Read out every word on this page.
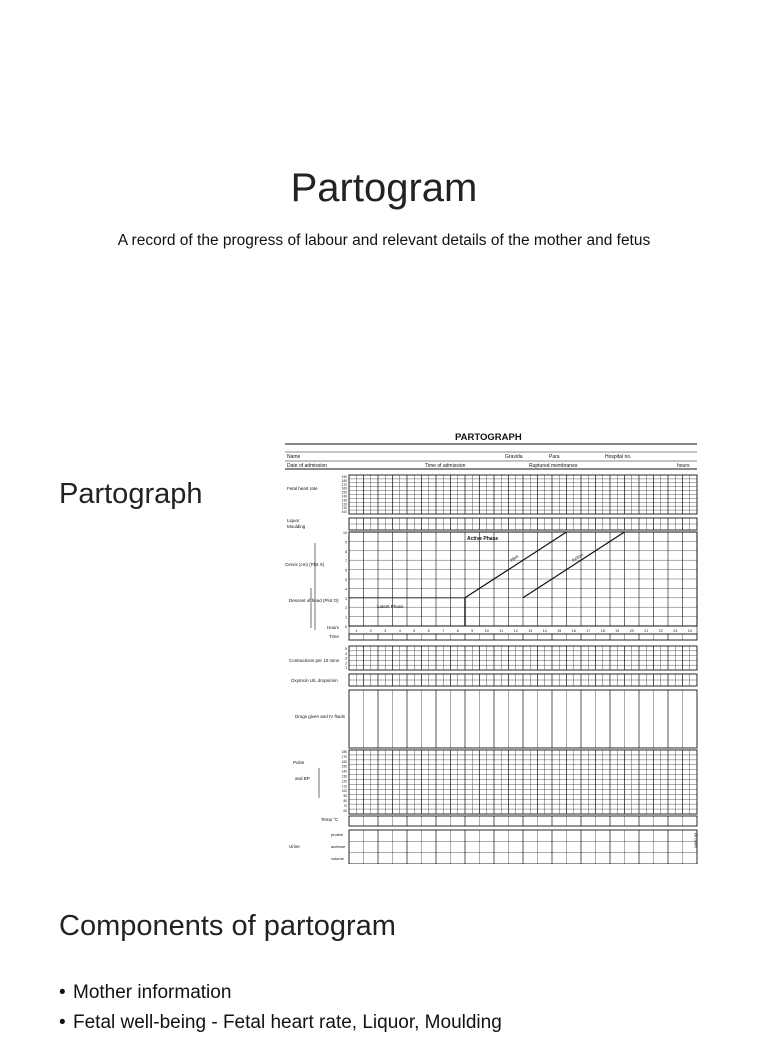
Partogram
A record of the progress of labour and relevant details of the mother and fetus
Partograph
PARTOGRAPH
Name	Gravida	Para	Hospital no.
Date of admission	Time of admission	Ruptured membranes	hours
Fetal heart rate
Liquor
Moulding
Cervix (cm) (Plot X)
Descent of head (Plot O)
Hours
Time
Active Phase
Latent Phase
Alert	Action
Contractions per 10 mins
Oxytocin U/L drops/min
Drugs given and IV fluids
Pulse
and BP
Temp °C
Urine
protein
acetone
volume
WHO 88
190
180
170
160
150
140
130
120
110
100
10
9
8
7
6
5
4
3
2
1
0
1	2	3	4	5	6	7	8	9	10	11	12	13	14	15	16	17	18	19	20	21	22	23	24
5
4
3
2
1
180
170
160
150
140
130
120
110
100
90
80
70
60
Components of partogram
• Mother information
• Fetal well-being - Fetal heart rate, Liquor, Moulding
